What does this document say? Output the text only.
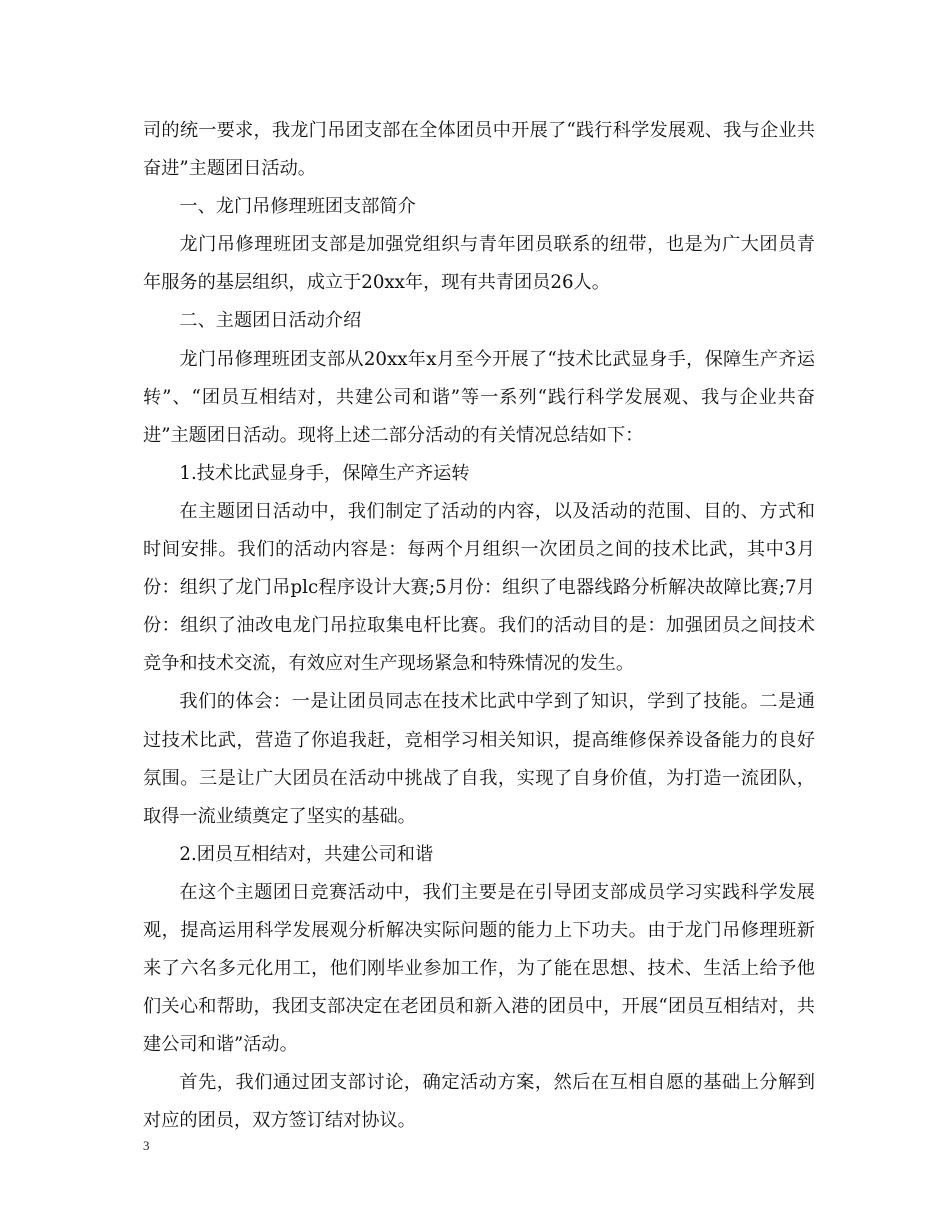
司的统一要求，我龙门吊团支部在全体团员中开展了“践行科学发展观、我与企业共奋进”主题团日活动。

一、龙门吊修理班团支部简介

龙门吊修理班团支部是加强党组织与青年团员联系的纽带，也是为广大团员青年服务的基层组织，成立于20xx年，现有共青团员26人。

二、主题团日活动介绍

龙门吊修理班团支部从20xx年x月至今开展了“技术比武显身手，保障生产齐运转”、“团员互相结对，共建公司和谐”等一系列“践行科学发展观、我与企业共奋进”主题团日活动。现将上述二部分活动的有关情况总结如下：

1.技术比武显身手，保障生产齐运转

在主题团日活动中，我们制定了活动的内容，以及活动的范围、目的、方式和时间安排。我们的活动内容是：每两个月组织一次团员之间的技术比武，其中3月份：组织了龙门吊plc程序设计大赛;5月份：组织了电器线路分析解决故障比赛;7月份：组织了油改电龙门吊拉取集电杆比赛。我们的活动目的是：加强团员之间技术竞争和技术交流，有效应对生产现场紧急和特殊情况的发生。

我们的体会：一是让团员同志在技术比武中学到了知识，学到了技能。二是通过技术比武，营造了你追我赶，竞相学习相关知识，提高维修保养设备能力的良好氛围。三是让广大团员在活动中挑战了自我，实现了自身价值，为打造一流团队，取得一流业绩奠定了坚实的基础。

2.团员互相结对，共建公司和谐

在这个主题团日竞赛活动中，我们主要是在引导团支部成员学习实践科学发展观，提高运用科学发展观分析解决实际问题的能力上下功夫。由于龙门吊修理班新来了六名多元化用工，他们刚毕业参加工作，为了能在思想、技术、生活上给予他们关心和帮助，我团支部决定在老团员和新入港的团员中，开展“团员互相结对，共建公司和谐”活动。

首先，我们通过团支部讨论，确定活动方案，然后在互相自愿的基础上分解到对应的团员，双方签订结对协议。

3
